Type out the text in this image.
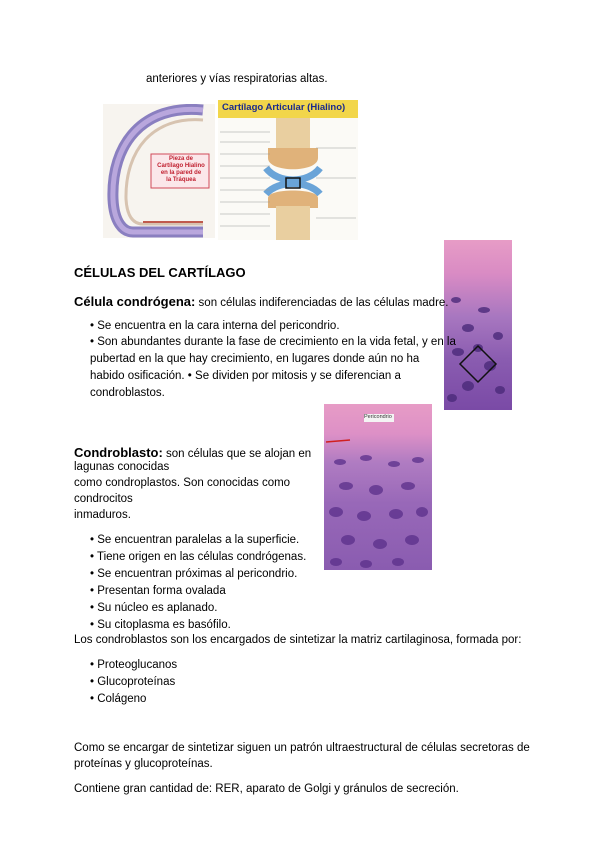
anteriores y vías respiratorias altas.
Pieza de
Cartílago Hialino
en la pared de
la Tráquea
Cartílago Articular (Hialino)
CÉLULAS DEL CARTÍLAGO
Célula condrógena: son células indiferenciadas de las células madre.
• Se encuentra en la cara interna del pericondrio.
• Son abundantes durante la fase de crecimiento en la vida fetal, y en la
pubertad en la que hay crecimiento, en lugares donde aún no ha
habido osificación. • Se dividen por mitosis y se diferencian a
condroblastos.
Pericondrio
Condroblasto: son células que se alojan en
lagunas conocidas
como condroplastos. Son conocidas como
condrocitos
inmaduros.
• Se encuentran paralelas a la superficie.
• Tiene origen en las células condrógenas.
• Se encuentran próximas al pericondrio.
• Presentan forma ovalada
• Su núcleo es aplanado.
• Su citoplasma es basófilo.
Los condroblastos son los encargados de sintetizar la matriz cartilaginosa, formada por:
• Proteoglucanos
• Glucoproteínas
• Colágeno
Como se encargar de sintetizar siguen un patrón ultraestructural de células secretoras de
proteínas y glucoproteínas.
Contiene gran cantidad de: RER, aparato de Golgi y gránulos de secreción.
